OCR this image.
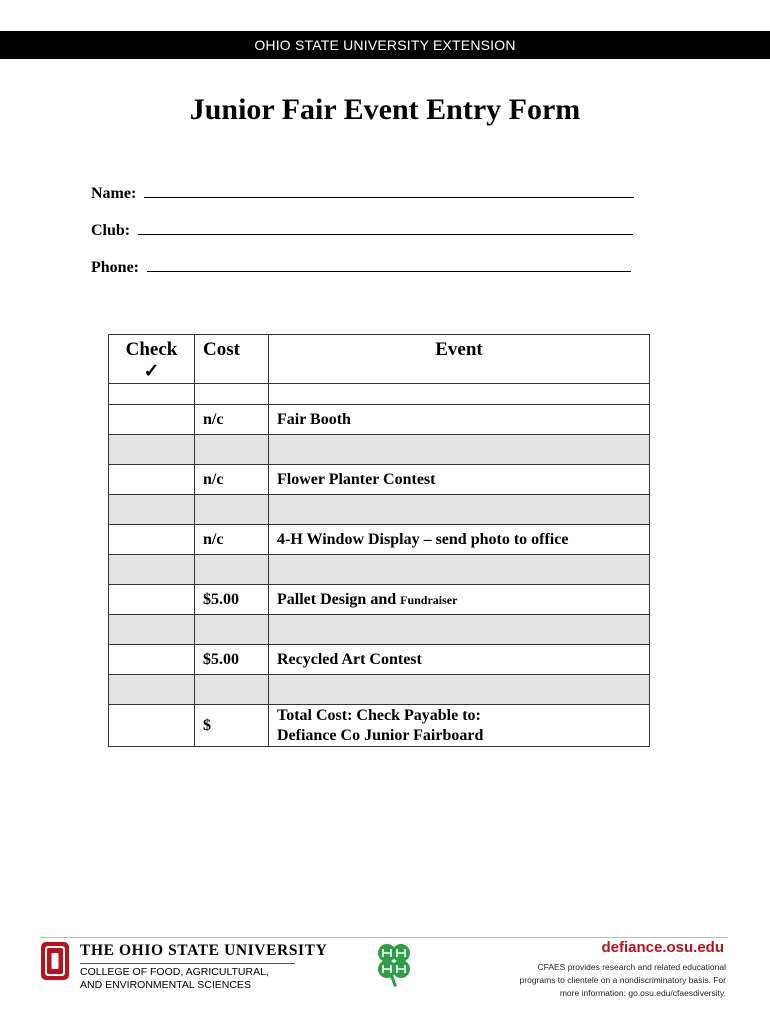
OHIO STATE UNIVERSITY EXTENSION
Junior Fair Event Entry Form
Name:
Club:
Phone:
Check
✓	Cost	Event

	n/c	Fair Booth

	n/c	Flower Planter Contest

	n/c	4-H Window Display – send photo to office

	$5.00	Pallet Design and Fundraiser

	$5.00	Recycled Art Contest

	$	Total Cost: Check Payable to:
Defiance Co Junior Fairboard
THE OHIO STATE UNIVERSITY
COLLEGE OF FOOD, AGRICULTURAL,
AND ENVIRONMENTAL SCIENCES
defiance.osu.edu
CFAES provides research and related educational
programs to clientele on a nondiscriminatory basis. For
more information: go.osu.edu/cfaesdiversity.
